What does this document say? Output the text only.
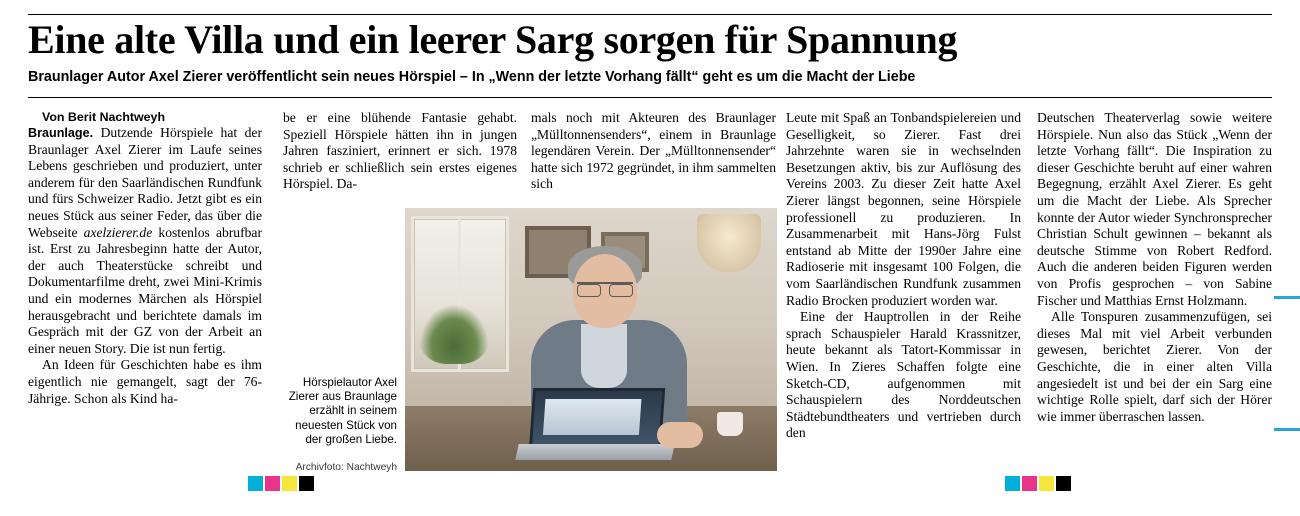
Eine alte Villa und ein leerer Sarg sorgen für Spannung
Braunlager Autor Axel Zierer veröffentlicht sein neues Hörspiel – In „Wenn der letzte Vorhang fällt“ geht es um die Macht der Liebe

Von Berit Nachtweyh

Braunlage. Dutzende Hörspiele hat der Braunlager Axel Zierer im Laufe seines Lebens geschrieben und produziert, unter anderem für den Saarländischen Rundfunk und fürs Schweizer Radio. Jetzt gibt es ein neues Stück aus seiner Feder, das über die Webseite axelzierer.de kostenlos abrufbar ist. Erst zu Jahresbeginn hatte der Autor, der auch Theaterstücke schreibt und Dokumentarfilme dreht, zwei Mini-Krimis und ein modernes Märchen als Hörspiel herausgebracht und berichtete damals im Gespräch mit der GZ von der Arbeit an einer neuen Story. Die ist nun fertig.

An Ideen für Geschichten habe es ihm eigentlich nie gemangelt, sagt der 76-Jährige. Schon als Kind ha-

be er eine blühende Fantasie gehabt. Speziell Hörspiele hätten ihn in jungen Jahren fasziniert, erinnert er sich. 1978 schrieb er schließlich sein erstes eigenes Hörspiel. Da-

mals noch mit Akteuren des Braunlager „Mülltonnensenders“, einem in Braunlage legendären Verein. Der „Mülltonnensender“ hatte sich 1972 gegründet, in ihm sammelten sich

Leute mit Spaß an Tonbandspielereien und Geselligkeit, so Zierer. Fast drei Jahrzehnte waren sie in wechselnden Besetzungen aktiv, bis zur Auflösung des Vereins 2003. Zu dieser Zeit hatte Axel Zierer längst begonnen, seine Hörspiele professionell zu produzieren. In Zusammenarbeit mit Hans-Jörg Fulst entstand ab Mitte der 1990er Jahre eine Radioserie mit insgesamt 100 Folgen, die vom Saarländischen Rundfunk zusammen Radio Brocken produziert worden war.

Eine der Hauptrollen in der Reihe sprach Schauspieler Harald Krassnitzer, heute bekannt als Tatort-Kommissar in Wien. In Zieres Schaffen folgte eine Sketch-CD, aufgenommen mit Schauspielern des Norddeutschen Städtebundtheaters und vertrieben durch den

Deutschen Theaterverlag sowie weitere Hörspiele. Nun also das Stück „Wenn der letzte Vorhang fällt“. Die Inspiration zu dieser Geschichte beruht auf einer wahren Begegnung, erzählt Axel Zierer. Es geht um die Macht der Liebe. Als Sprecher konnte der Autor wieder Synchronsprecher Christian Schult gewinnen – bekannt als deutsche Stimme von Robert Redford. Auch die anderen beiden Figuren werden von Profis gesprochen – von Sabine Fischer und Matthias Ernst Holzmann.

Alle Tonspuren zusammenzufügen, sei dieses Mal mit viel Arbeit verbunden gewesen, berichtet Zierer. Von der Geschichte, die in einer alten Villa angesiedelt ist und bei der ein Sarg eine wichtige Rolle spielt, darf sich der Hörer wie immer überraschen lassen.

Hörspielautor Axel Zierer aus Braunlage erzählt in seinem neuesten Stück von der großen Liebe.
Archivfoto: Nachtweyh
